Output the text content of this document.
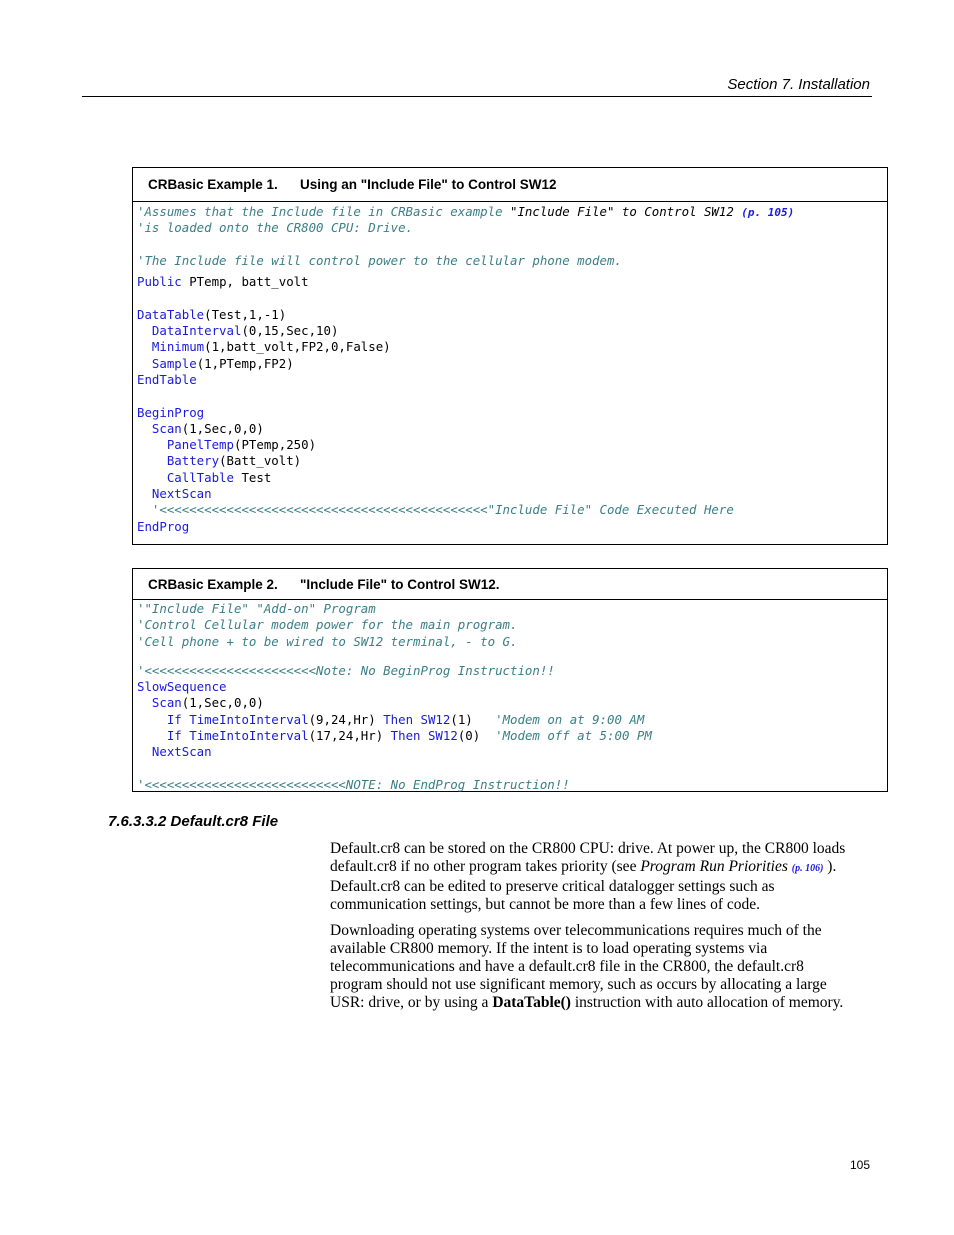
Section 7. Installation
CRBasic Example 1.	Using an "Include File" to Control SW12
'Assumes that the Include file in CRBasic example "Include File" to Control SW12 (p. 105)
'is loaded onto the CR800 CPU: Drive.
'The Include file will control power to the cellular phone modem.
Public PTemp, batt_volt
DataTable(Test,1,-1)
DataInterval(0,15,Sec,10)
Minimum(1,batt_volt,FP2,0,False)
Sample(1,PTemp,FP2)
EndTable
BeginProg
Scan(1,Sec,0,0)
PanelTemp(PTemp,250)
Battery(Batt_volt)
CallTable Test
NextScan
'<<<<<<<<<<<<<<<<<<<<<<<<<<<<<<<<<<<<<<<<<<<<"Include File" Code Executed Here
EndProg
CRBasic Example 2.	"Include File" to Control SW12.
'"Include File" "Add-on" Program
'Control Cellular modem power for the main program.
'Cell phone + to be wired to SW12 terminal, - to G.
'<<<<<<<<<<<<<<<<<<<<<<<Note: No BeginProg Instruction!!
SlowSequence
Scan(1,Sec,0,0)
If TimeIntoInterval(9,24,Hr) Then SW12(1)   'Modem on at 9:00 AM
If TimeIntoInterval(17,24,Hr) Then SW12(0)  'Modem off at 5:00 PM
NextScan
'<<<<<<<<<<<<<<<<<<<<<<<<<<<NOTE: No EndProg Instruction!!
7.6.3.3.2 Default.cr8 File

Default.cr8 can be stored on the CR800 CPU: drive. At power up, the CR800 loads default.cr8 if no other program takes priority (see Program Run Priorities (p. 106) ). Default.cr8 can be edited to preserve critical datalogger settings such as communication settings, but cannot be more than a few lines of code.

Downloading operating systems over telecommunications requires much of the available CR800 memory. If the intent is to load operating systems via telecommunications and have a default.cr8 file in the CR800, the default.cr8 program should not use significant memory, such as occurs by allocating a large USR: drive, or by using a DataTable() instruction with auto allocation of memory.

105
